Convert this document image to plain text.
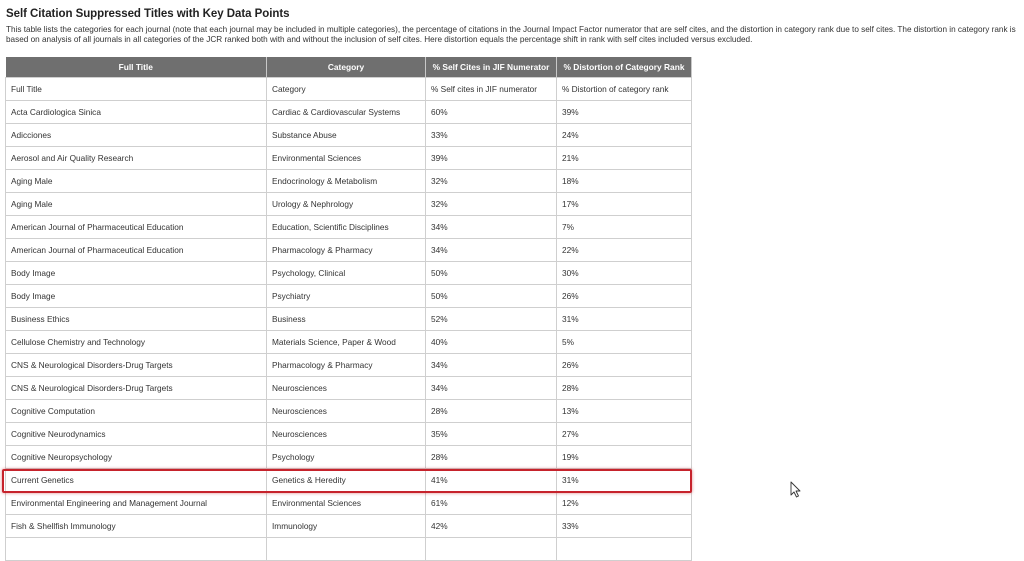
Self Citation Suppressed Titles with Key Data Points
This table lists the categories for each journal (note that each journal may be included in multiple categories), the percentage of citations in the Journal Impact Factor numerator that are self cites, and the distortion in category rank due to self cites. The distortion in category rank is based on analysis of all journals in all categories of the JCR ranked both with and without the inclusion of self cites. Here distortion equals the percentage shift in rank with self cites included versus excluded.
Full Title	Category	% Self Cites in JIF Numerator	% Distortion of Category Rank
Full Title	Category	% Self cites in JIF numerator	% Distortion of category rank
Acta Cardiologica Sinica	Cardiac & Cardiovascular Systems	60%	39%
Adicciones	Substance Abuse	33%	24%
Aerosol and Air Quality Research	Environmental Sciences	39%	21%
Aging Male	Endocrinology & Metabolism	32%	18%
Aging Male	Urology & Nephrology	32%	17%
American Journal of Pharmaceutical Education	Education, Scientific Disciplines	34%	7%
American Journal of Pharmaceutical Education	Pharmacology & Pharmacy	34%	22%
Body Image	Psychology, Clinical	50%	30%
Body Image	Psychiatry	50%	26%
Business Ethics	Business	52%	31%
Cellulose Chemistry and Technology	Materials Science, Paper & Wood	40%	5%
CNS & Neurological Disorders-Drug Targets	Pharmacology & Pharmacy	34%	26%
CNS & Neurological Disorders-Drug Targets	Neurosciences	34%	28%
Cognitive Computation	Neurosciences	28%	13%
Cognitive Neurodynamics	Neurosciences	35%	27%
Cognitive Neuropsychology	Psychology	28%	19%
Current Genetics	Genetics & Heredity	41%	31%
Environmental Engineering and Management Journal	Environmental Sciences	61%	12%
Fish & Shellfish Immunology	Immunology	42%	33%
